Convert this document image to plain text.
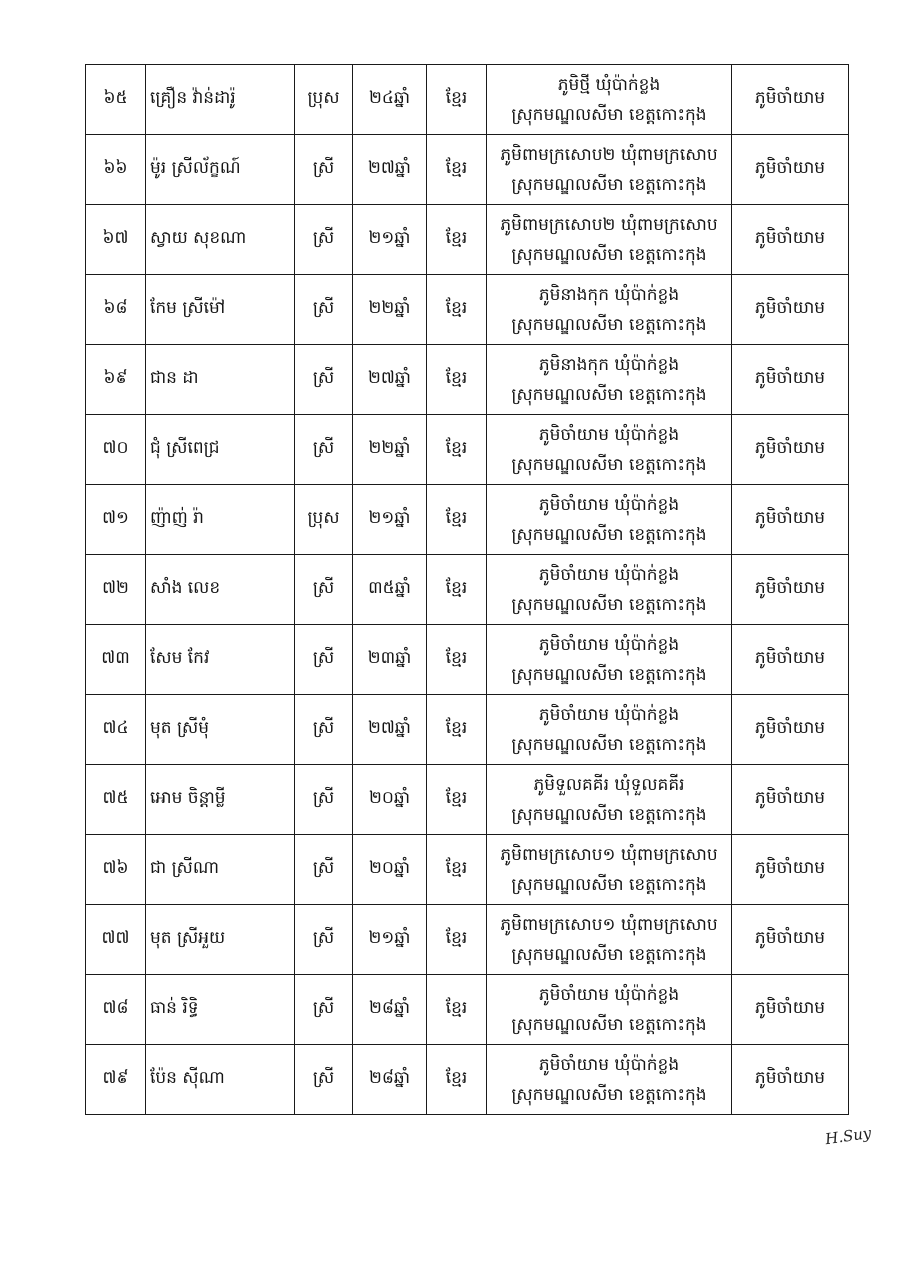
៦៥	គ្រឿន វ៉ាន់ដារ៉ូ	ប្រុស	២៤ឆ្នាំ	ខ្មែរ	ភូមិថ្មី ឃុំប៉ាក់ខ្លង
ស្រុកមណ្ឌលសីមា ខេត្តកោះកុង	ភូមិចាំយាម
៦៦	ម៉ូរ ស្រីល័ក្ខណ៍	ស្រី	២៧ឆ្នាំ	ខ្មែរ	ភូមិពាមក្រសោប២ ឃុំពាមក្រសោប
ស្រុកមណ្ឌលសីមា ខេត្តកោះកុង	ភូមិចាំយាម
៦៧	ស្វាយ សុខណា	ស្រី	២១ឆ្នាំ	ខ្មែរ	ភូមិពាមក្រសោប២ ឃុំពាមក្រសោប
ស្រុកមណ្ឌលសីមា ខេត្តកោះកុង	ភូមិចាំយាម
៦៨	កែម ស្រីម៉ៅ	ស្រី	២២ឆ្នាំ	ខ្មែរ	ភូមិនាងកុក ឃុំប៉ាក់ខ្លង
ស្រុកមណ្ឌលសីមា ខេត្តកោះកុង	ភូមិចាំយាម
៦៩	ជាន ដា	ស្រី	២៧ឆ្នាំ	ខ្មែរ	ភូមិនាងកុក ឃុំប៉ាក់ខ្លង
ស្រុកមណ្ឌលសីមា ខេត្តកោះកុង	ភូមិចាំយាម
៧០	ជុំ ស្រីពេជ្រ	ស្រី	២២ឆ្នាំ	ខ្មែរ	ភូមិចាំយាម ឃុំប៉ាក់ខ្លង
ស្រុកមណ្ឌលសីមា ខេត្តកោះកុង	ភូមិចាំយាម
៧១	ញ៉ាញ់ រ៉ា	ប្រុស	២១ឆ្នាំ	ខ្មែរ	ភូមិចាំយាម ឃុំប៉ាក់ខ្លង
ស្រុកមណ្ឌលសីមា ខេត្តកោះកុង	ភូមិចាំយាម
៧២	សាំង លេខ	ស្រី	៣៥ឆ្នាំ	ខ្មែរ	ភូមិចាំយាម ឃុំប៉ាក់ខ្លង
ស្រុកមណ្ឌលសីមា ខេត្តកោះកុង	ភូមិចាំយាម
៧៣	សែម កែវ	ស្រី	២៣ឆ្នាំ	ខ្មែរ	ភូមិចាំយាម ឃុំប៉ាក់ខ្លង
ស្រុកមណ្ឌលសីមា ខេត្តកោះកុង	ភូមិចាំយាម
៧៤	មុត ស្រីមុំ	ស្រី	២៧ឆ្នាំ	ខ្មែរ	ភូមិចាំយាម ឃុំប៉ាក់ខ្លង
ស្រុកមណ្ឌលសីមា ខេត្តកោះកុង	ភូមិចាំយាម
៧៥	អោម ចិន្តាម្លី	ស្រី	២០ឆ្នាំ	ខ្មែរ	ភូមិទួលគគីរ ឃុំទួលគគីរ
ស្រុកមណ្ឌលសីមា ខេត្តកោះកុង	ភូមិចាំយាម
៧៦	ជា ស្រីណា	ស្រី	២០ឆ្នាំ	ខ្មែរ	ភូមិពាមក្រសោប១ ឃុំពាមក្រសោប
ស្រុកមណ្ឌលសីមា ខេត្តកោះកុង	ភូមិចាំយាម
៧៧	មុត ស្រីអួយ	ស្រី	២១ឆ្នាំ	ខ្មែរ	ភូមិពាមក្រសោប១ ឃុំពាមក្រសោប
ស្រុកមណ្ឌលសីមា ខេត្តកោះកុង	ភូមិចាំយាម
៧៨	ធាន់ រិទ្ធិ	ស្រី	២៨ឆ្នាំ	ខ្មែរ	ភូមិចាំយាម ឃុំប៉ាក់ខ្លង
ស្រុកមណ្ឌលសីមា ខេត្តកោះកុង	ភូមិចាំយាម
៧៩	ប៉ែន ស៊ីណា	ស្រី	២៨ឆ្នាំ	ខ្មែរ	ភូមិចាំយាម ឃុំប៉ាក់ខ្លង
ស្រុកមណ្ឌលសីមា ខេត្តកោះកុង	ភូមិចាំយាម
H.Suy
